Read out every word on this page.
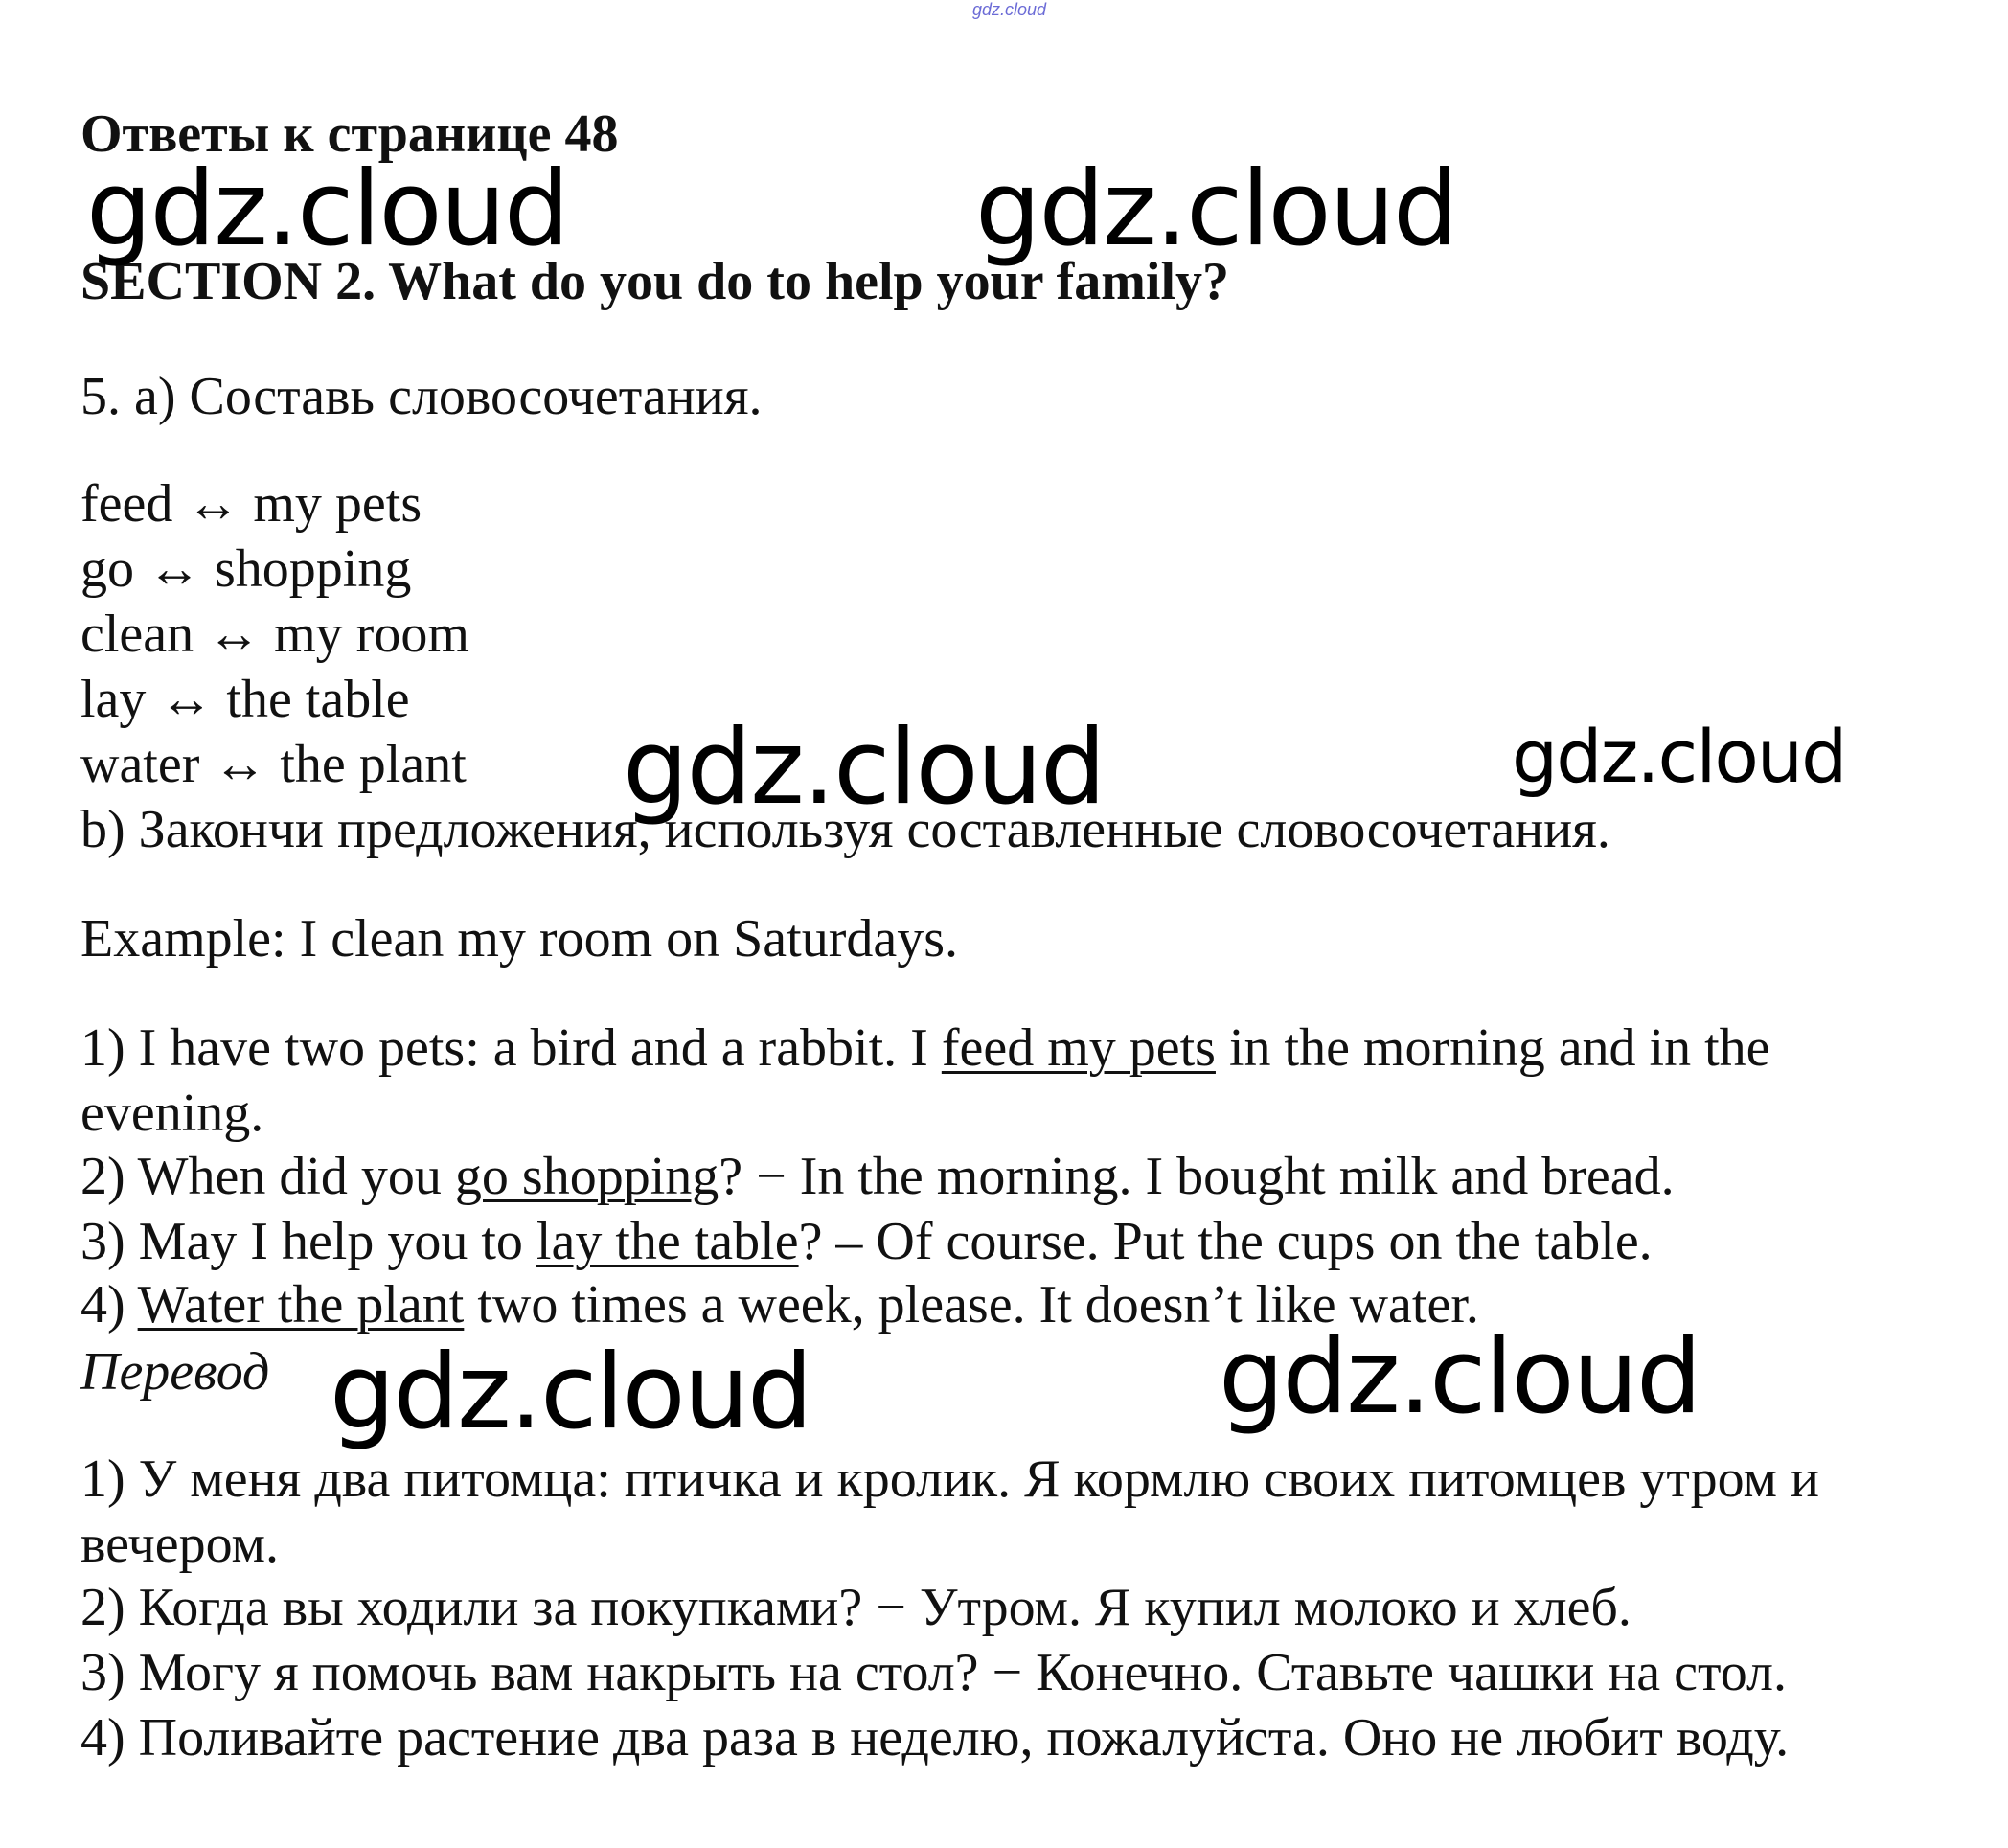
gdz.cloud
Ответы к странице 48
SECTION 2. What do you do to help your family?
5. a) Составь словосочетания.
feed ↔ my pets
go ↔ shopping
clean ↔ my room
lay ↔ the table
water ↔ the plant
b) Закончи предложения, используя составленные словосочетания.
Example: I clean my room on Saturdays.
1) I have two pets: a bird and a rabbit. I feed my pets in the morning and in the
evening.
2) When did you go shopping? − In the morning. I bought milk and bread.
3) May I help you to lay the table? – Of course. Put the cups on the table.
4) Water the plant two times a week, please. It doesn’t like water.
Перевод
1) У меня два питомца: птичка и кролик. Я кормлю своих питомцев утром и
вечером.
2) Когда вы ходили за покупками? − Утром. Я купил молоко и хлеб.
3) Могу я помочь вам накрыть на стол? − Конечно. Ставьте чашки на стол.
4) Поливайте растение два раза в неделю, пожалуйста. Оно не любит воду.
gdz.cloud	gdz.cloud
gdz.cloud	gdz.cloud
gdz.cloud	gdz.cloud
